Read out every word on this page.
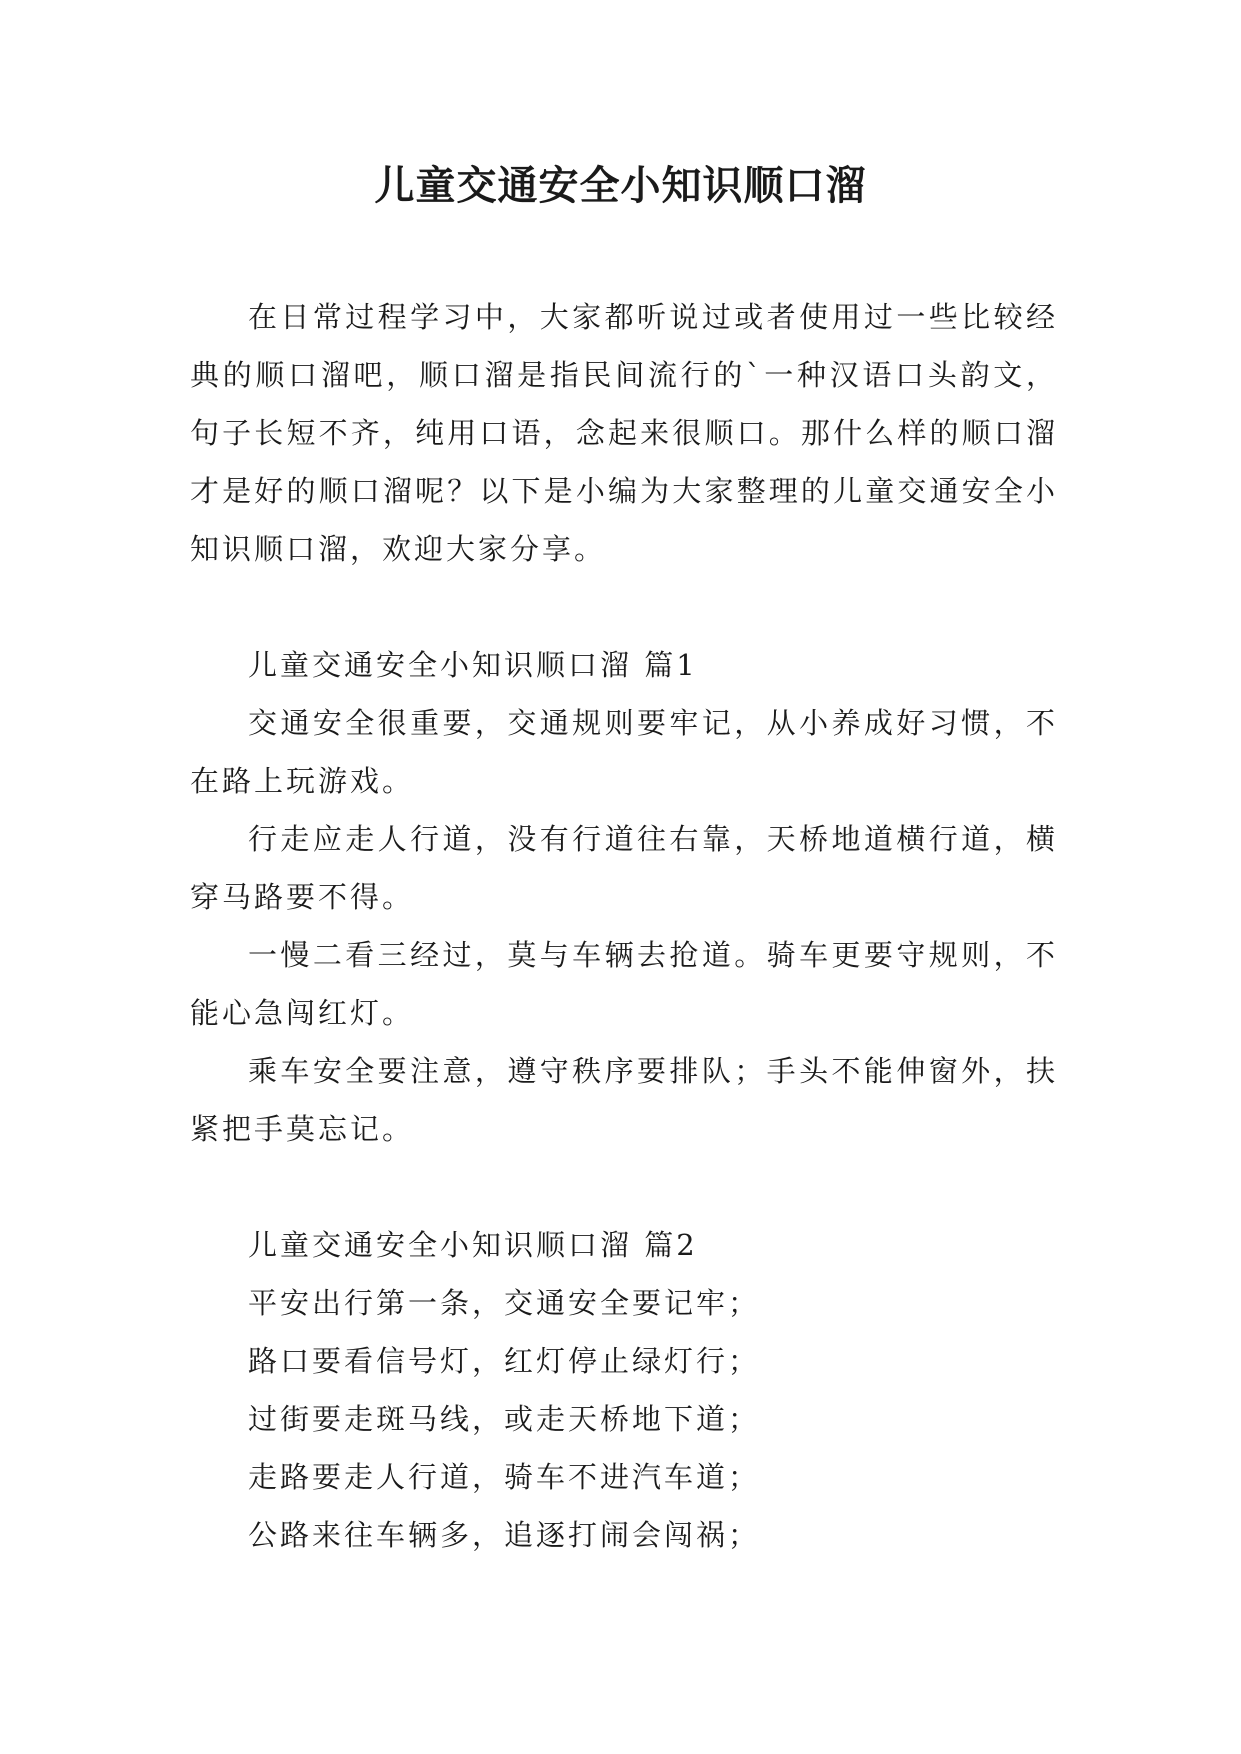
儿童交通安全小知识顺口溜

在日常过程学习中，大家都听说过或者使用过一些比较经典的顺口溜吧，顺口溜是指民间流行的`一种汉语口头韵文，句子长短不齐，纯用口语，念起来很顺口。那什么样的顺口溜才是好的顺口溜呢？以下是小编为大家整理的儿童交通安全小知识顺口溜，欢迎大家分享。

儿童交通安全小知识顺口溜 篇1

交通安全很重要，交通规则要牢记，从小养成好习惯，不在路上玩游戏。

行走应走人行道，没有行道往右靠，天桥地道横行道，横穿马路要不得。

一慢二看三经过，莫与车辆去抢道。骑车更要守规则，不能心急闯红灯。

乘车安全要注意，遵守秩序要排队；手头不能伸窗外，扶紧把手莫忘记。

儿童交通安全小知识顺口溜 篇2

平安出行第一条，交通安全要记牢；

路口要看信号灯，红灯停止绿灯行；

过街要走斑马线，或走天桥地下道；

走路要走人行道，骑车不进汽车道；

公路来往车辆多，追逐打闹会闯祸；
